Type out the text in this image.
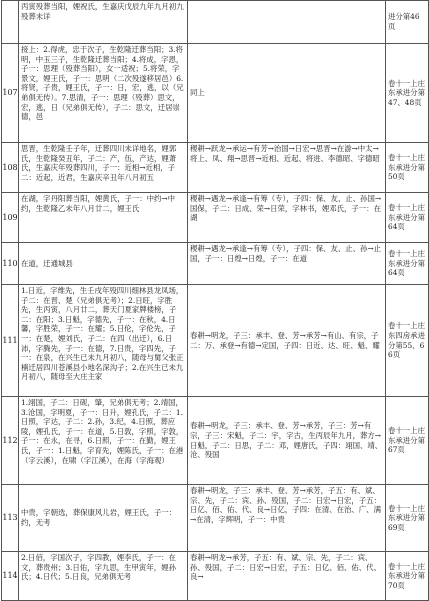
	丙寅殁葬当阳，娌祝氏，生嘉庆戊辰九年九月初九殁葬未详		进分第46页
107	接上：2.得虎，忠于次子，生乾隆迁葬当阳；3.将明，中玉三子，生乾隆迁葬当阳；4.将成，字恩，子一：思理（殁葬当阳），女一适祝；5.将荣，字景文，娌王氏，子一：思明（二次殁遂移居邑）6.将贤，子贵，娌王氏，子一：日，宏，逃，以（兄弟俱无传）。7.思清，子一：思理（殁葬）思文，宏，逃，日（兄弟俱无传），子二：思文，迁居崇德，邑	同上	卷十一上庄东承进分第47、48页
108	思晋，生乾隆壬子年，迁葬四川未详地名，娌郭氏，生乾隆癸丑年，子二：产，伍，产达，娌萧氏，生嘉庆年殁葬四川，子一：近相→近相，子二：近起，近君，生嘉庆辛丑年八月初五	稷耕→跃龙→承运→有芳→治国→日宏→思晋→在游→中太→将上、凤、翔→思晋→近相、近起、将进、李德昭、字德昭	卷十一上庄东承进分第50页
109	在湖，字丹阳葬当阳，娌黄氏，子一：中约→中约，生乾隆乙未年八月廿二，娌王氏	稷耕→遇龙→承逢→有筹（专），子四：保、友、止、孙国→国保，子二：日成、荣→日荣，字林书，娌邓氏，子一：在湖	卷十一上庄东承进分第64页
110	在道，迁通城县	稷耕→遇龙→承逢→有筹（专），子四：保、友、止、孙→止国，子一：日煌→日煌，子一：在道	卷十一上庄东承进分第64页
111	1.日近，字维先，生壬戌年殁四川细林县龙凤场，子二：在晋、楚（兄弟俱无考）；2.日旺，字胜先，生丙寅，八月廿二，葬天门夏家牌楼榜，子二：在阳；3.日魁，字德先，子一：在秋，4.日馨，字胜荣，子一：在耀；5.日伦，字伦先，子一：在楚，娌刘氏，子二：在四（出迁），6.日沛，字腾先，子一：在德，7.日贵，字四先，子一：在泉，在兴生已未九月初八，随母与舅父张正楠迁居四川苍溪县小地名深沟子；2.在兴生已未九月初八，随母至大庄主家	春耕→明龙，子三：承丰、登、芳→承芳→有山、有宗，子二：万、承登→有德→定国，子四：日近、达、旺、魁、耀	卷十一上庄东四房承进分第55、66页
112	1.翊国，子二：日砚，肇，兄弟俱无考；2.靖国，3.沧国，字明夏，子一：日升，娌孔氏，子二：1.日照，字达，子二：2.孙，3.纪，4.日照，葬应陵，娌孔氏，子一：在道，5.日敦，字照，字敦，子一：在永，在寻，6.日照，子一：在勤，娌王氏，子一：1.日魁，字育先，娌陈氏，子一：在港（字云溪），在啸（字江溪），在海（字海观）	春耕→明龙，子三：承丰、登、芳→承芳，子三：芳→有宗，子三：宋魁，子二：宇，字古，生丙辰年九月，葬方→日魁，子二：日思，子二：邓，娌唐氏，子四：翊国、靖、沧、殁国	卷十一上庄东承进分第67页
113	中贵，字朝选，葬保康风儿岩，娌王氏，子一：约，无考	春耕→明龙，子三：承丰、登、芳→承芳，子五：有、斌、宗、先，子二：宾、孙、殁国，子二：日宏→日宏，子五：日亿、佰、佑、代、良→日亿，子四：在清、在治、广、满→在清，字辉明，子一：中贵	卷十一上庄东承进分第69页
114	2.日佰，字国次子，字四教，娌李氏，子一：在文，葬贵州；3.日佑，字九思，生甲寅年，娌孙氏；4.日代；5.日良，兄弟俱无考	春耕→明龙→承芳，子五：有、斌、宗、先，子二：宾、孙、殁国，子二：日宏→日宏，子五：日亿、佰、佑、代、良→	卷十一上庄东承进分第70页
